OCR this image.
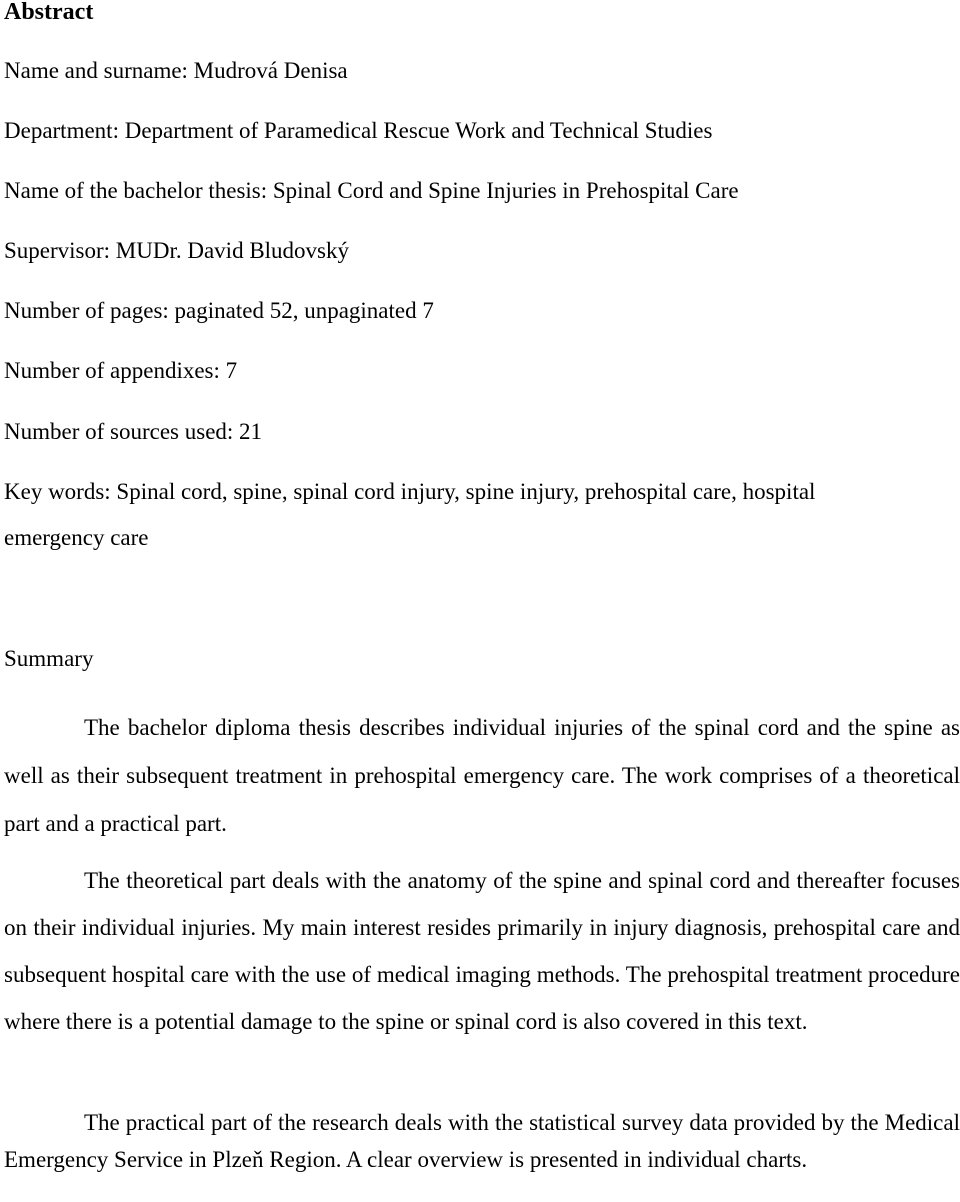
Abstract
Name and surname: Mudrová Denisa
Department: Department of Paramedical Rescue Work and Technical Studies
Name of the bachelor thesis: Spinal Cord and Spine Injuries in Prehospital Care
Supervisor: MUDr. David Bludovský
Number of pages: paginated 52, unpaginated 7
Number of appendixes: 7
Number of sources used: 21
Key words: Spinal cord, spine, spinal cord injury, spine injury, prehospital care, hospital
emergency care
Summary
The bachelor diploma thesis describes individual injuries of the spinal cord and the spine as well as their subsequent treatment in prehospital emergency care. The work comprises of a theoretical part and a practical part.
The theoretical part deals with the anatomy of the spine and spinal cord and thereafter focuses on their individual injuries. My main interest resides primarily in injury diagnosis, prehospital care and subsequent hospital care with the use of medical imaging methods. The prehospital treatment procedure where there is a potential damage to the spine or spinal cord is also covered in this text.
The practical part of the research deals with the statistical survey data provided by the Medical Emergency Service in Plzeň Region. A clear overview is presented in individual charts.
